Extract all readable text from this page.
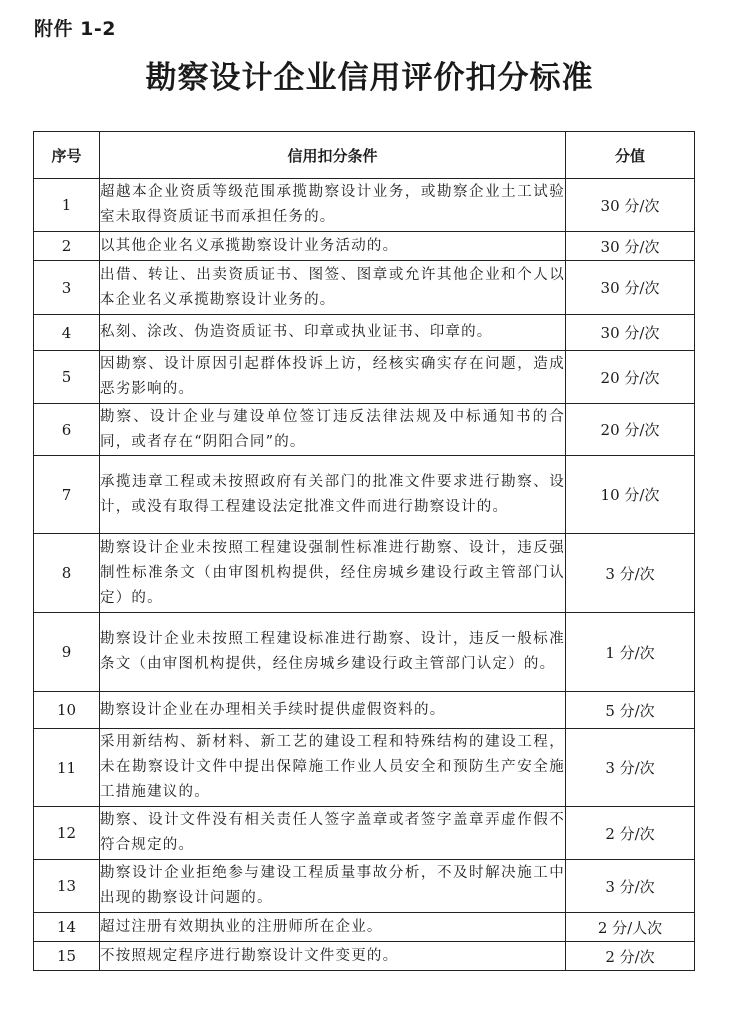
附件 1-2
勘察设计企业信用评价扣分标准
序号	信用扣分条件	分值
1	超越本企业资质等级范围承揽勘察设计业务，或勘察企业土工试验室未取得资质证书而承担任务的。	30 分/次
2	以其他企业名义承揽勘察设计业务活动的。	30 分/次
3	出借、转让、出卖资质证书、图签、图章或允许其他企业和个人以本企业名义承揽勘察设计业务的。	30 分/次
4	私刻、涂改、伪造资质证书、印章或执业证书、印章的。	30 分/次
5	因勘察、设计原因引起群体投诉上访，经核实确实存在问题，造成恶劣影响的。	20 分/次
6	勘察、设计企业与建设单位签订违反法律法规及中标通知书的合同，或者存在“阴阳合同”的。	20 分/次
7	承揽违章工程或未按照政府有关部门的批准文件要求进行勘察、设计，或没有取得工程建设法定批准文件而进行勘察设计的。	10 分/次
8	勘察设计企业未按照工程建设强制性标准进行勘察、设计，违反强制性标准条文（由审图机构提供，经住房城乡建设行政主管部门认定）的。	3 分/次
9	勘察设计企业未按照工程建设标准进行勘察、设计，违反一般标准条文（由审图机构提供，经住房城乡建设行政主管部门认定）的。	1 分/次
10	勘察设计企业在办理相关手续时提供虚假资料的。	5 分/次
11	采用新结构、新材料、新工艺的建设工程和特殊结构的建设工程，未在勘察设计文件中提出保障施工作业人员安全和预防生产安全施工措施建议的。	3 分/次
12	勘察、设计文件没有相关责任人签字盖章或者签字盖章弄虚作假不符合规定的。	2 分/次
13	勘察设计企业拒绝参与建设工程质量事故分析，不及时解决施工中出现的勘察设计问题的。	3 分/次
14	超过注册有效期执业的注册师所在企业。	2 分/人次
15	不按照规定程序进行勘察设计文件变更的。	2 分/次
